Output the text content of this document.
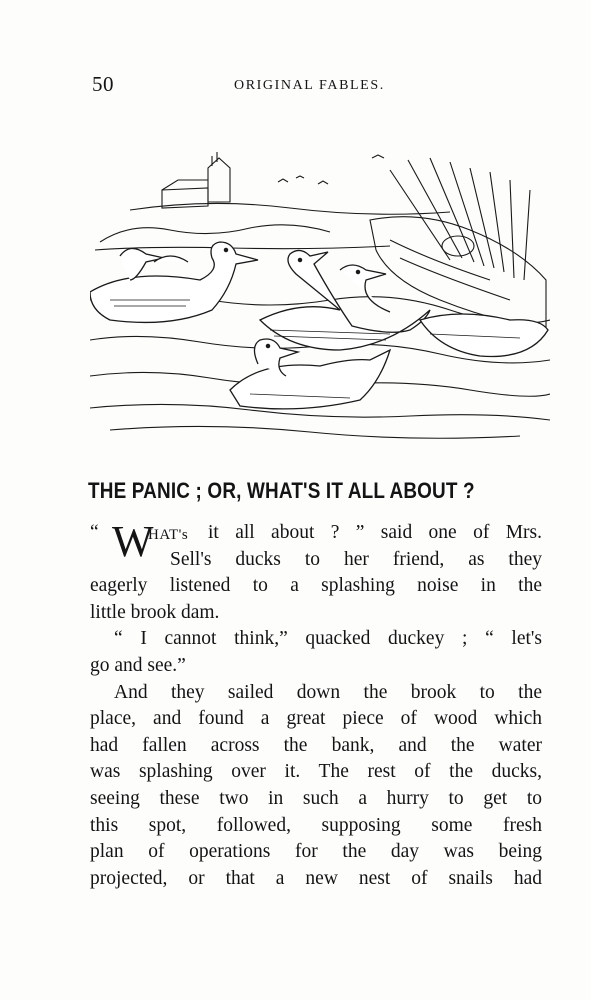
50	ORIGINAL FABLES.
THE PANIC ; OR, WHAT'S IT ALL ABOUT ?
“ W
HAT's it all about ? ” said one of Mrs.
Sell's ducks to her friend, as they
eagerly listened to a splashing noise in the
little brook dam.
“ I cannot think,” quacked duckey ; “ let's
go and see.”
And they sailed down the brook to the
place, and found a great piece of wood which
had fallen across the bank, and the water
was splashing over it. The rest of the ducks,
seeing these two in such a hurry to get to
this spot, followed, supposing some fresh
plan of operations for the day was being
projected, or that a new nest of snails had
